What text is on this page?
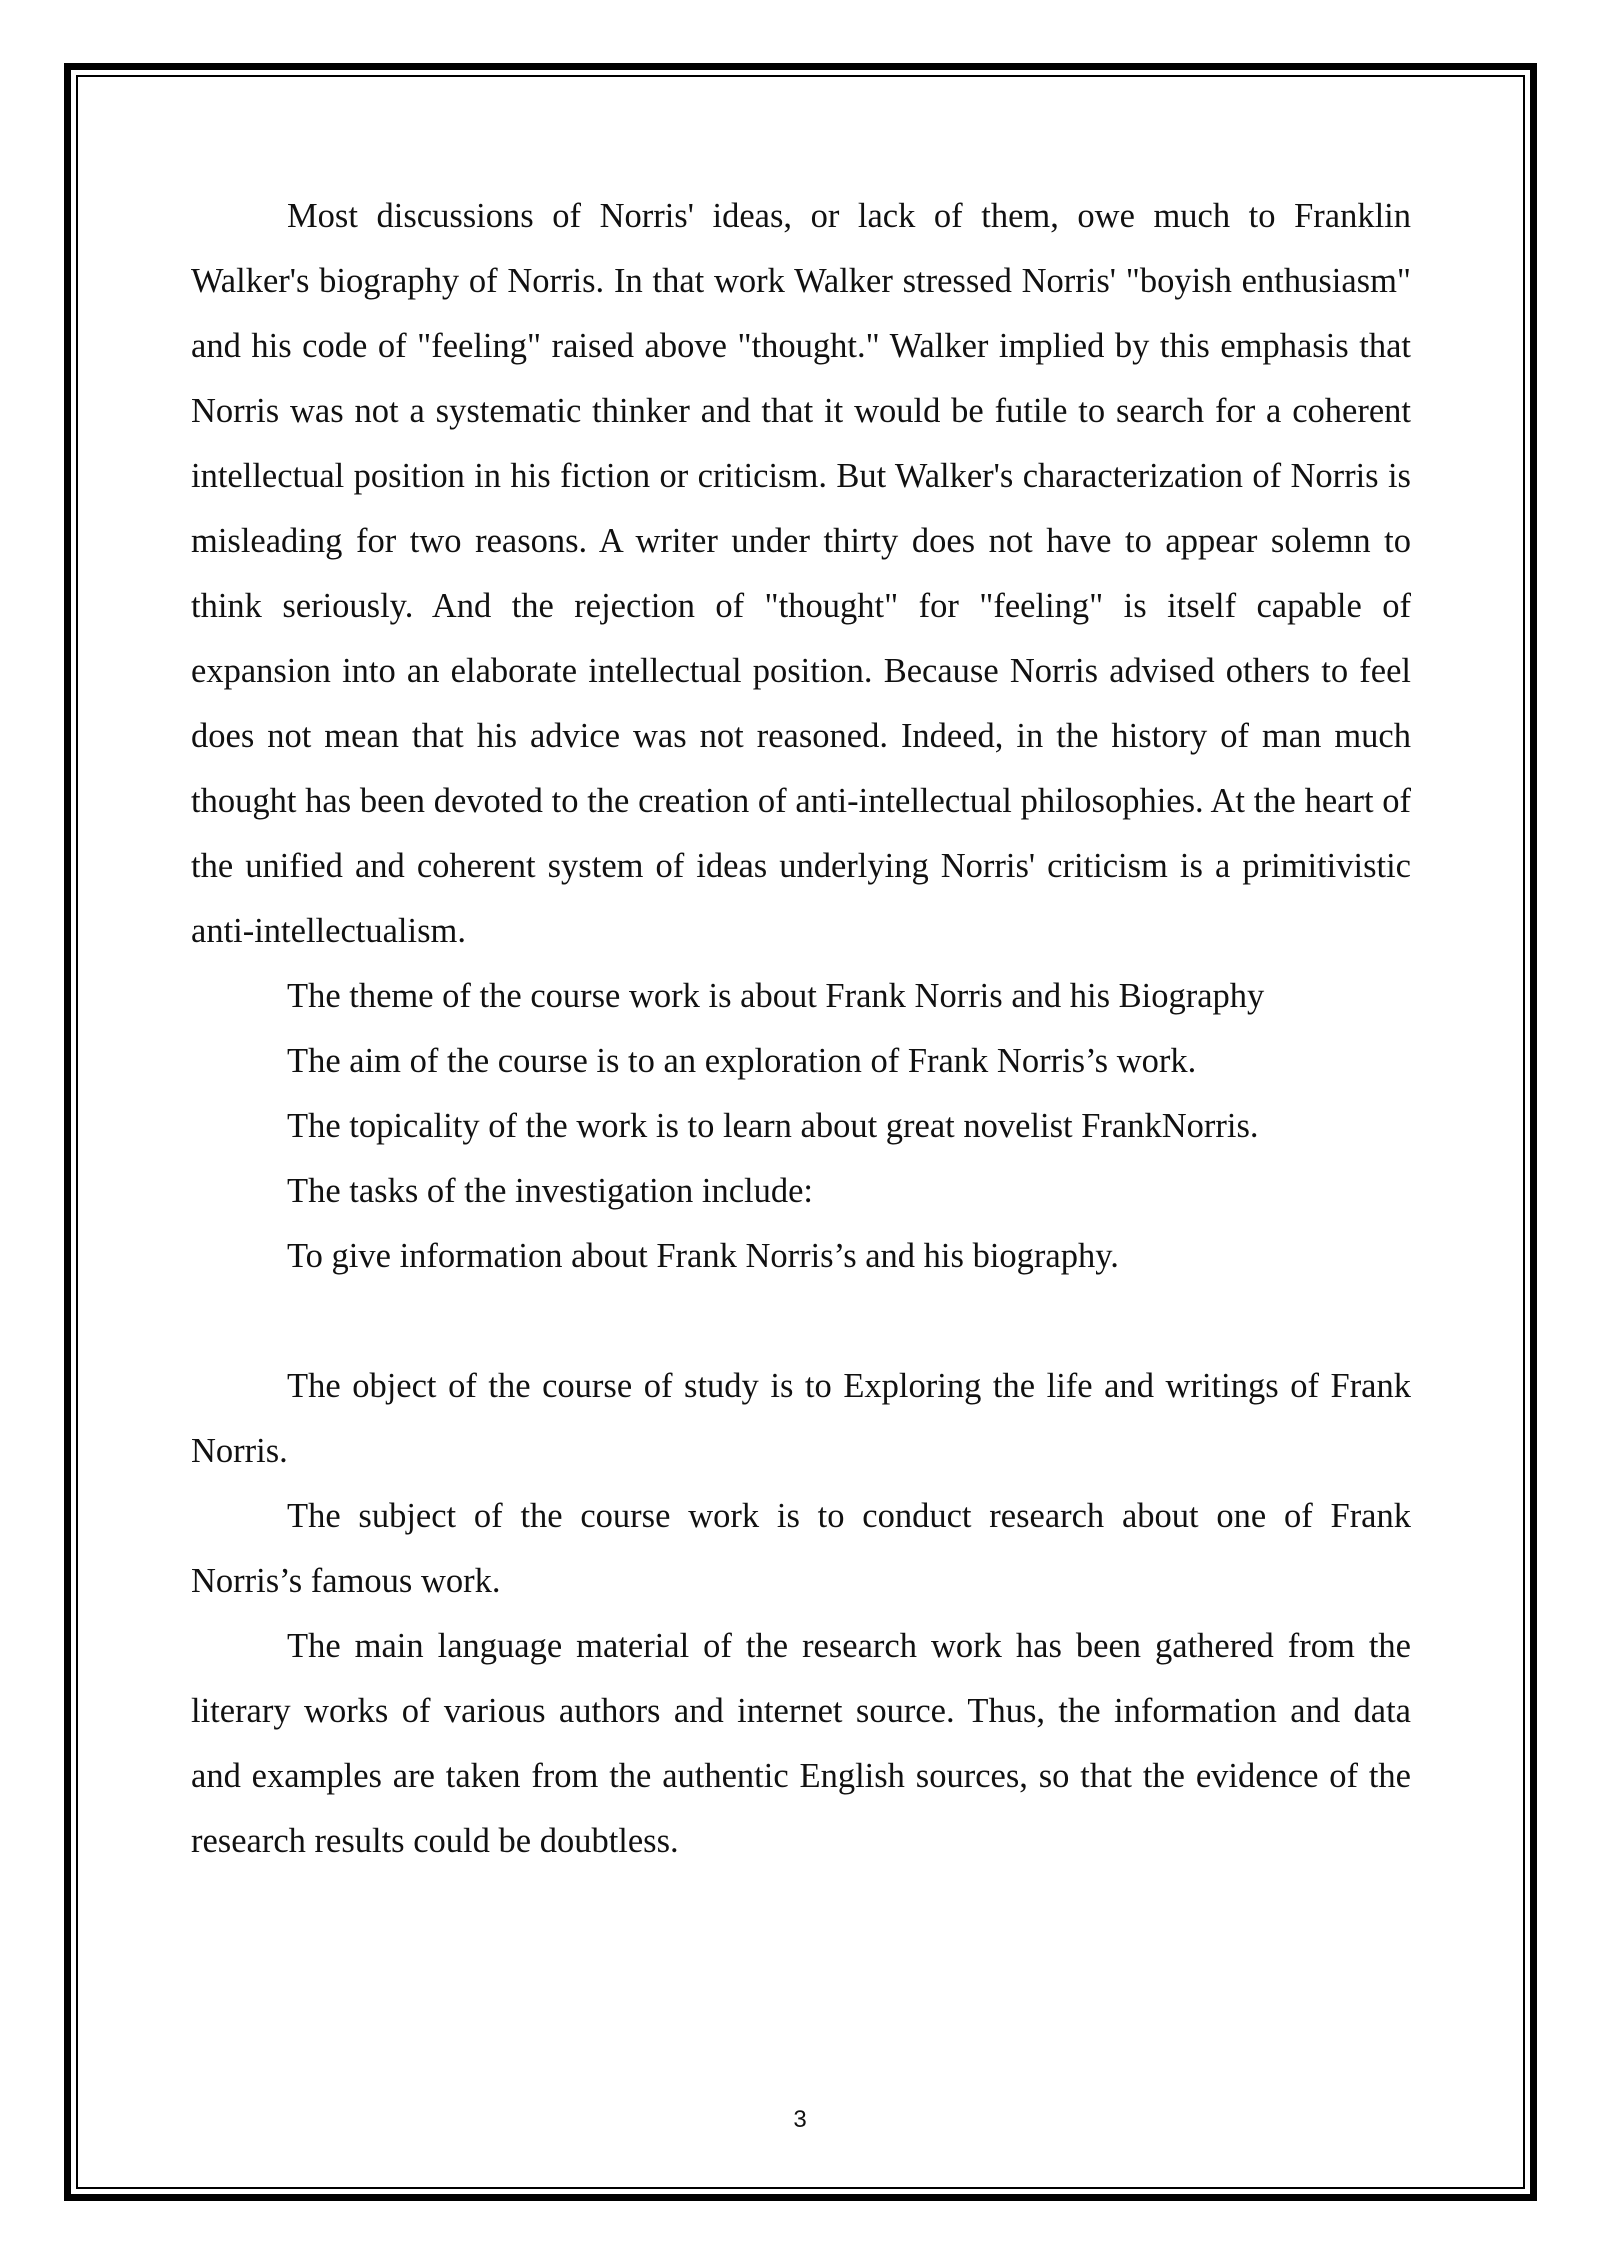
Most discussions of Norris' ideas, or lack of them, owe much to Franklin Walker's biography of Norris. In that work Walker stressed Norris' "boyish enthusiasm" and his code of "feeling" raised above "thought." Walker implied by this emphasis that Norris was not a systematic thinker and that it would be futile to search for a coherent intellectual position in his fiction or criticism. But Walker's characterization of Norris is misleading for two reasons. A writer under thirty does not have to appear solemn to think seriously. And the rejection of "thought" for "feeling" is itself capable of expansion into an elaborate intellectual position. Because Norris advised others to feel does not mean that his advice was not reasoned. Indeed, in the history of man much thought has been devoted to the creation of anti-intellectual philosophies. At the heart of the unified and coherent system of ideas underlying Norris' criticism is a primitivistic anti-intellectualism.

The theme of the course work is about Frank Norris and his Biography

The aim of the course is to an exploration of Frank Norris’s work.

The topicality of the work is to learn about great novelist FrankNorris.

The tasks of the investigation include:

To give information about Frank Norris’s and his biography.

The object of the course of study is to Exploring the life and writings of Frank Norris.

The subject of the course work is to conduct research about one of Frank Norris’s famous work.

The main language material of the research work has been gathered from the literary works of various authors and internet source. Thus, the information and data and examples are taken from the authentic English sources, so that the evidence of the research results could be doubtless.

3
